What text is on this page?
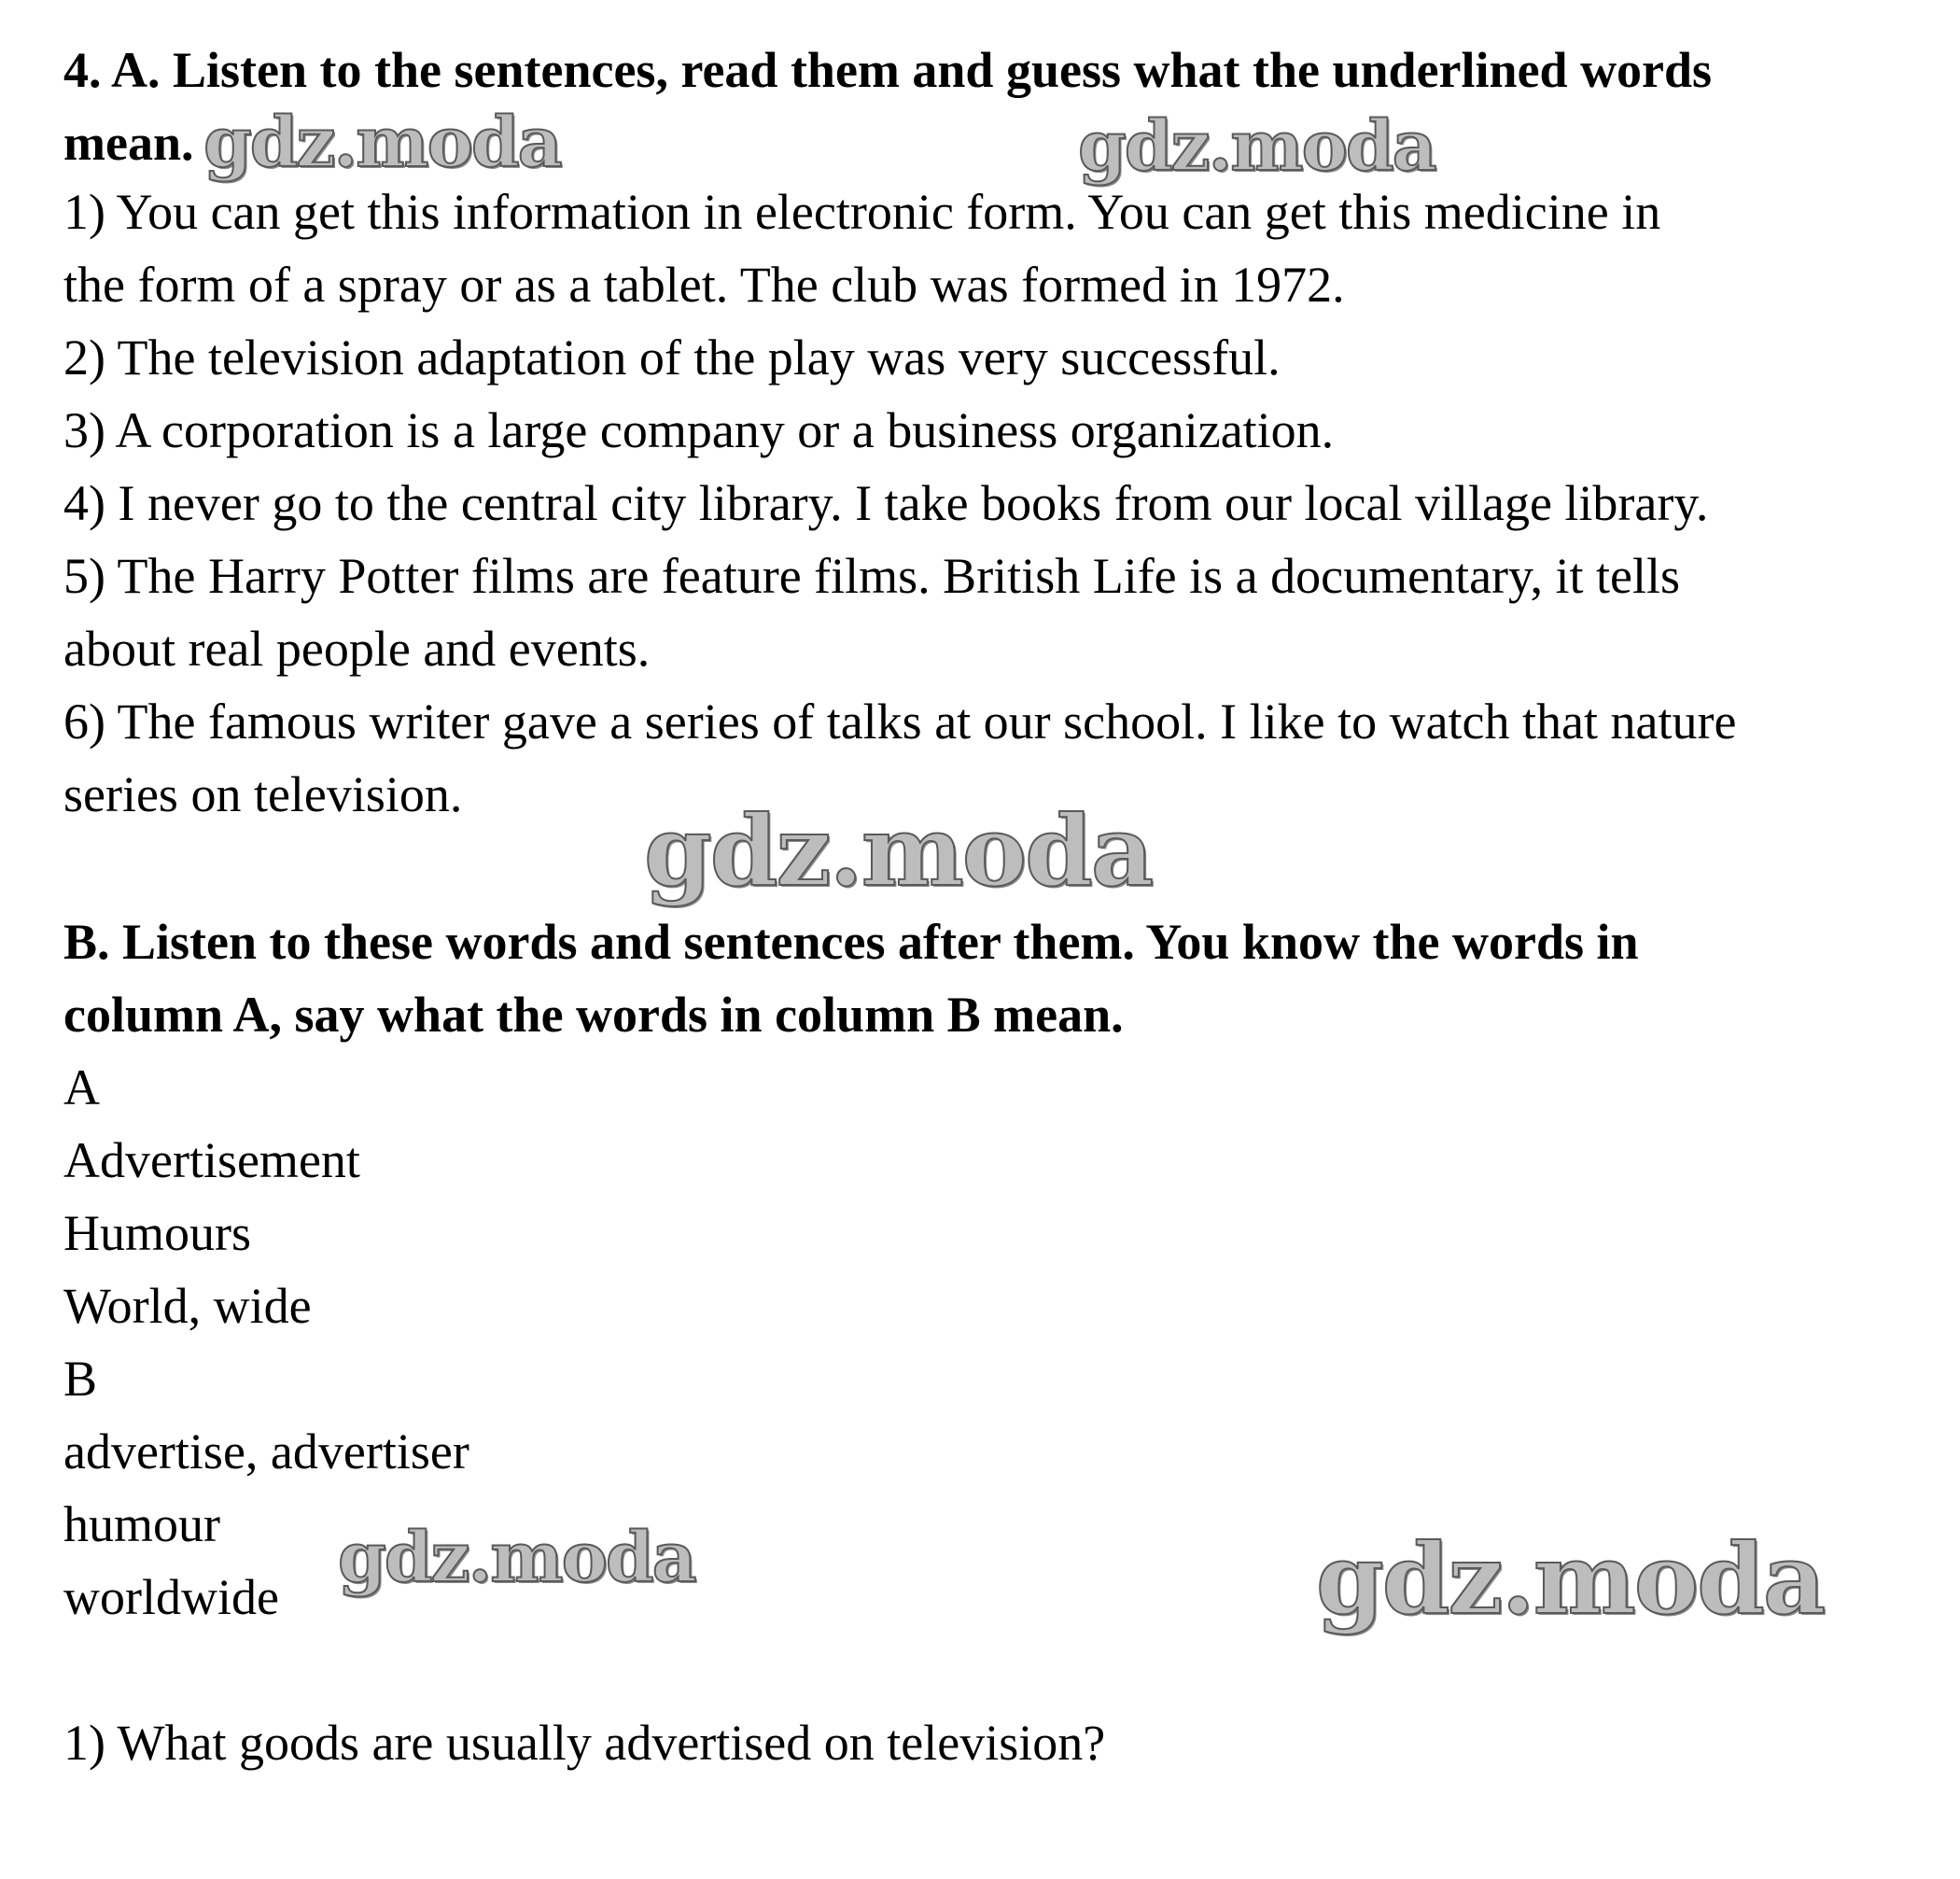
4. A. Listen to the sentences, read them and guess what the underlined words
mean.
1) You can get this information in electronic form. You can get this medicine in
the form of a spray or as a tablet. The club was formed in 1972.
2) The television adaptation of the play was very successful.
3) A corporation is a large company or a business organization.
4) I never go to the central city library. I take books from our local village library.
5) The Harry Potter films are feature films. British Life is a documentary, it tells
about real people and events.
6) The famous writer gave a series of talks at our school. I like to watch that nature
series on television.
B. Listen to these words and sentences after them. You know the words in
column A, say what the words in column B mean.
A
Advertisement
Humours
World, wide
B
advertise, advertiser
humour
worldwide
1) What goods are usually advertised on television?
gdz.moda	gdz.moda
gdz.moda
gdz.moda	gdz.moda
